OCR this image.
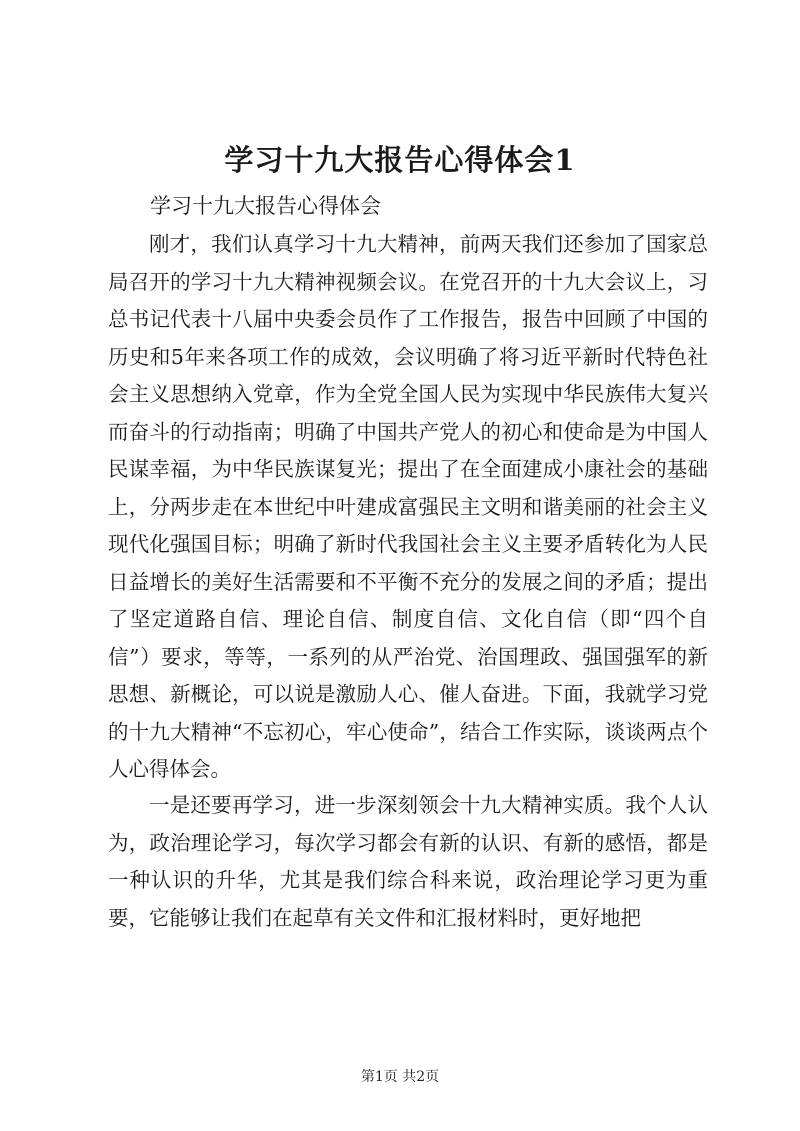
学习十九大报告心得体会1
学习十九大报告心得体会
刚才，我们认真学习十九大精神，前两天我们还参加了国家总局召开的学习十九大精神视频会议。在党召开的十九大会议上，习总书记代表十八届中央委会员作了工作报告，报告中回顾了中国的历史和5年来各项工作的成效，会议明确了将习近平新时代特色社会主义思想纳入党章，作为全党全国人民为实现中华民族伟大复兴而奋斗的行动指南；明确了中国共产党人的初心和使命是为中国人民谋幸福，为中华民族谋复光；提出了在全面建成小康社会的基础上，分两步走在本世纪中叶建成富强民主文明和谐美丽的社会主义现代化强国目标；明确了新时代我国社会主义主要矛盾转化为人民日益增长的美好生活需要和不平衡不充分的发展之间的矛盾；提出了坚定道路自信、理论自信、制度自信、文化自信（即“四个自信”）要求，等等，一系列的从严治党、治国理政、强国强军的新思想、新概论，可以说是激励人心、催人奋进。下面，我就学习党的十九大精神“不忘初心，牢心使命”，结合工作实际，谈谈两点个人心得体会。
一是还要再学习，进一步深刻领会十九大精神实质。我个人认为，政治理论学习，每次学习都会有新的认识、有新的感悟，都是一种认识的升华，尤其是我们综合科来说，政治理论学习更为重要，它能够让我们在起草有关文件和汇报材料时，更好地把
第1页 共2页
